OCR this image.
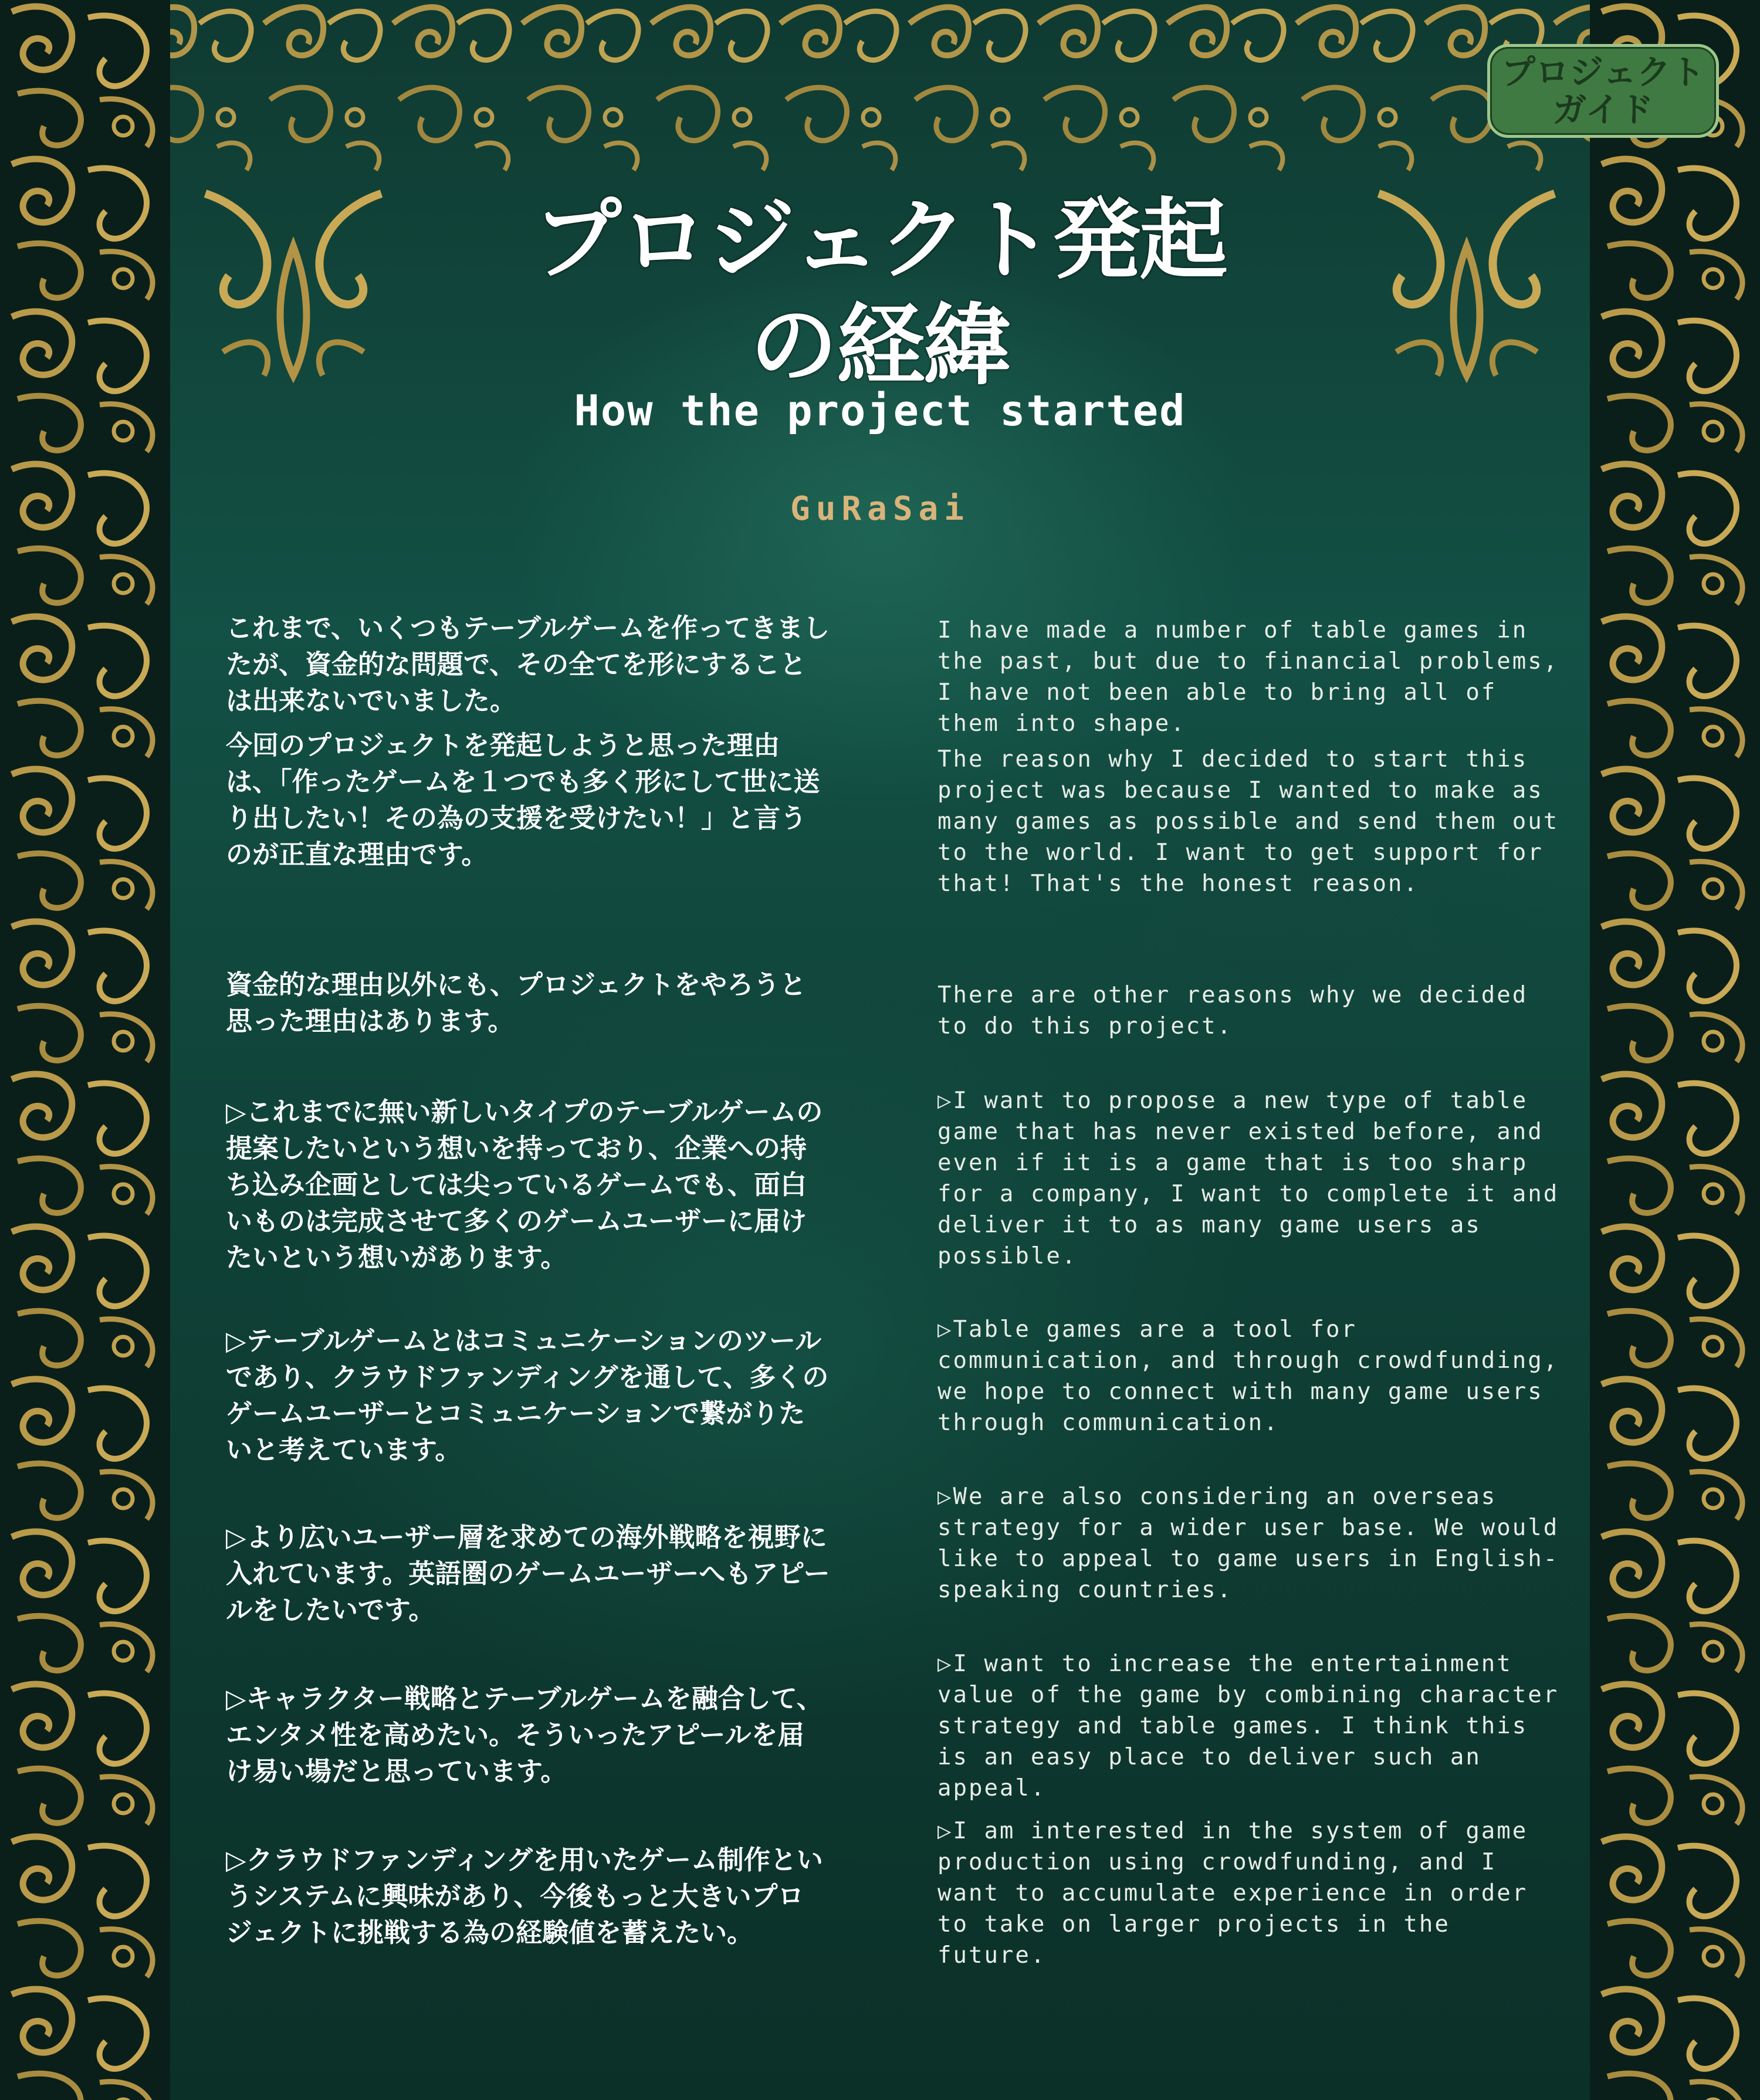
プロジェクト
ガイド
プロジェクト発起
の経緯
How the project started
GuRaSai

これまで、いくつもテーブルゲームを作ってきましたが、資金的な問題で、その全てを形にすることは出来ないでいました。

今回のプロジェクトを発起しようと思った理由は、「作ったゲームを１つでも多く形にして世に送り出したい！その為の支援を受けたい！」と言うのが正直な理由です。

I have made a number of table games in the past, but due to financial problems, I have not been able to bring all of them into shape.

The reason why I decided to start this project was because I wanted to make as many games as possible and send them out to the world. I want to get support for that! That's the honest reason.

資金的な理由以外にも、プロジェクトをやろうと思った理由はあります。

There are other reasons why we decided to do this project.

▷これまでに無い新しいタイプのテーブルゲームの提案したいという想いを持っており、企業への持ち込み企画としては尖っているゲームでも、面白いものは完成させて多くのゲームユーザーに届けたいという想いがあります。

▷I want to propose a new type of table game that has never existed before, and even if it is a game that is too sharp for a company, I want to complete it and deliver it to as many game users as possible.

▷テーブルゲームとはコミュニケーションのツールであり、クラウドファンディングを通して、多くのゲームユーザーとコミュニケーションで繋がりたいと考えています。

▷Table games are a tool for communication, and through crowdfunding, we hope to connect with many game users through communication.

▷より広いユーザー層を求めての海外戦略を視野に入れています。英語圏のゲームユーザーへもアピールをしたいです。

▷We are also considering an overseas strategy for a wider user base. We would like to appeal to game users in English-speaking countries.

▷キャラクター戦略とテーブルゲームを融合して、エンタメ性を高めたい。そういったアピールを届け易い場だと思っています。

▷I want to increase the entertainment value of the game by combining character strategy and table games. I think this is an easy place to deliver such an appeal.

▷クラウドファンディングを用いたゲーム制作というシステムに興味があり、今後もっと大きいプロジェクトに挑戦する為の経験値を蓄えたい。

▷I am interested in the system of game production using crowdfunding, and I want to accumulate experience in order to take on larger projects in the future.
